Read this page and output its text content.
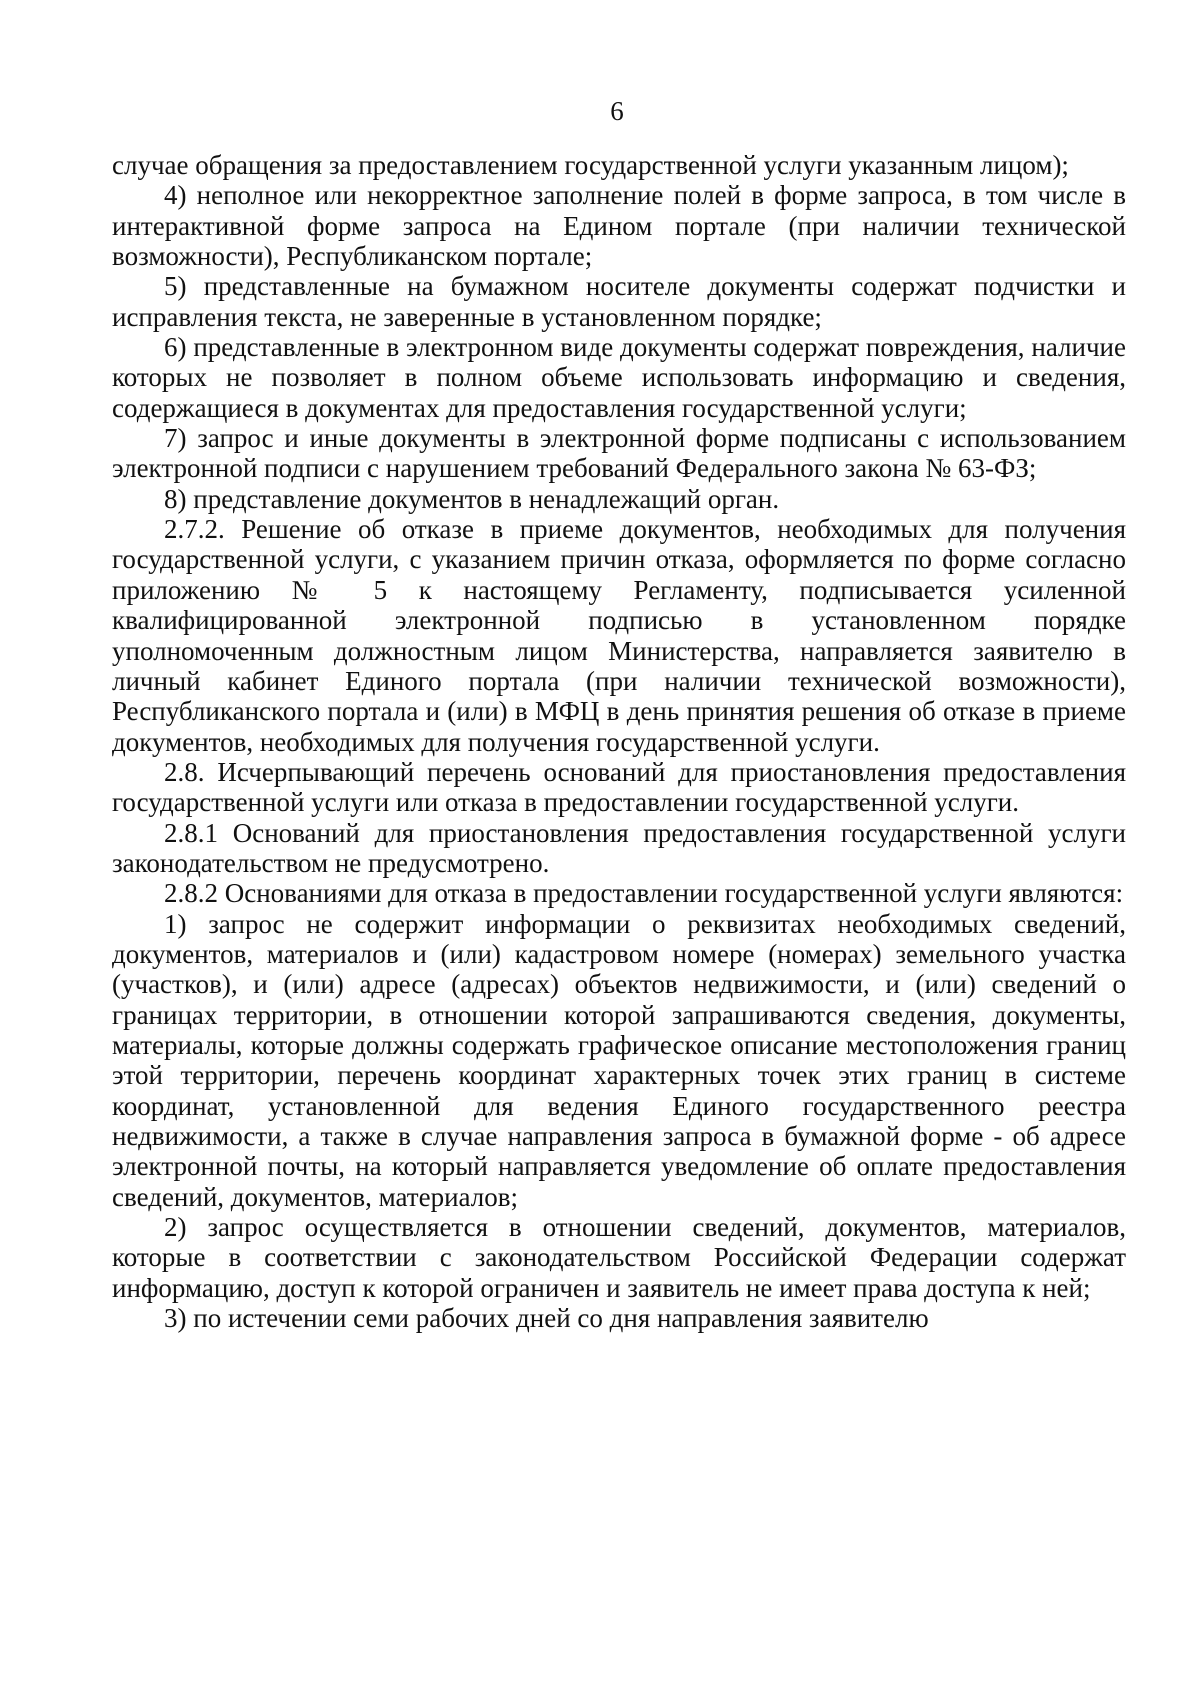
6

случае обращения за предоставлением государственной услуги указанным лицом);

4) неполное или некорректное заполнение полей в форме запроса, в том числе в интерактивной форме запроса на Едином портале (при наличии технической возможности), Республиканском портале;

5) представленные на бумажном носителе документы содержат подчистки и исправления текста, не заверенные в установленном порядке;

6) представленные в электронном виде документы содержат повреждения, наличие которых не позволяет в полном объеме использовать информацию и сведения, содержащиеся в документах для предоставления государственной услуги;

7) запрос и иные документы в электронной форме подписаны с использованием электронной подписи с нарушением требований Федерального закона № 63-ФЗ;

8) представление документов в ненадлежащий орган.

2.7.2. Решение об отказе в приеме документов, необходимых для получения государственной услуги, с указанием причин отказа, оформляется по форме согласно приложению № 5 к настоящему Регламенту, подписывается усиленной квалифицированной электронной подписью в установленном порядке уполномоченным должностным лицом Министерства, направляется заявителю в личный кабинет Единого портала (при наличии технической возможности), Республиканского портала и (или) в МФЦ в день принятия решения об отказе в приеме документов, необходимых для получения государственной услуги.

2.8. Исчерпывающий перечень оснований для приостановления предоставления государственной услуги или отказа в предоставлении государственной услуги.

2.8.1 Оснований для приостановления предоставления государственной услуги законодательством не предусмотрено.

2.8.2 Основаниями для отказа в предоставлении государственной услуги являются:

1) запрос не содержит информации о реквизитах необходимых сведений, документов, материалов и (или) кадастровом номере (номерах) земельного участка (участков), и (или) адресе (адресах) объектов недвижимости, и (или) сведений о границах территории, в отношении которой запрашиваются сведения, документы, материалы, которые должны содержать графическое описание местоположения границ этой территории, перечень координат характерных точек этих границ в системе координат, установленной для ведения Единого государственного реестра недвижимости, а также в случае направления запроса в бумажной форме - об адресе электронной почты, на который направляется уведомление об оплате предоставления сведений, документов, материалов;

2) запрос осуществляется в отношении сведений, документов, материалов, которые в соответствии с законодательством Российской Федерации содержат информацию, доступ к которой ограничен и заявитель не имеет права доступа к ней;

3) по истечении семи рабочих дней со дня направления заявителю
